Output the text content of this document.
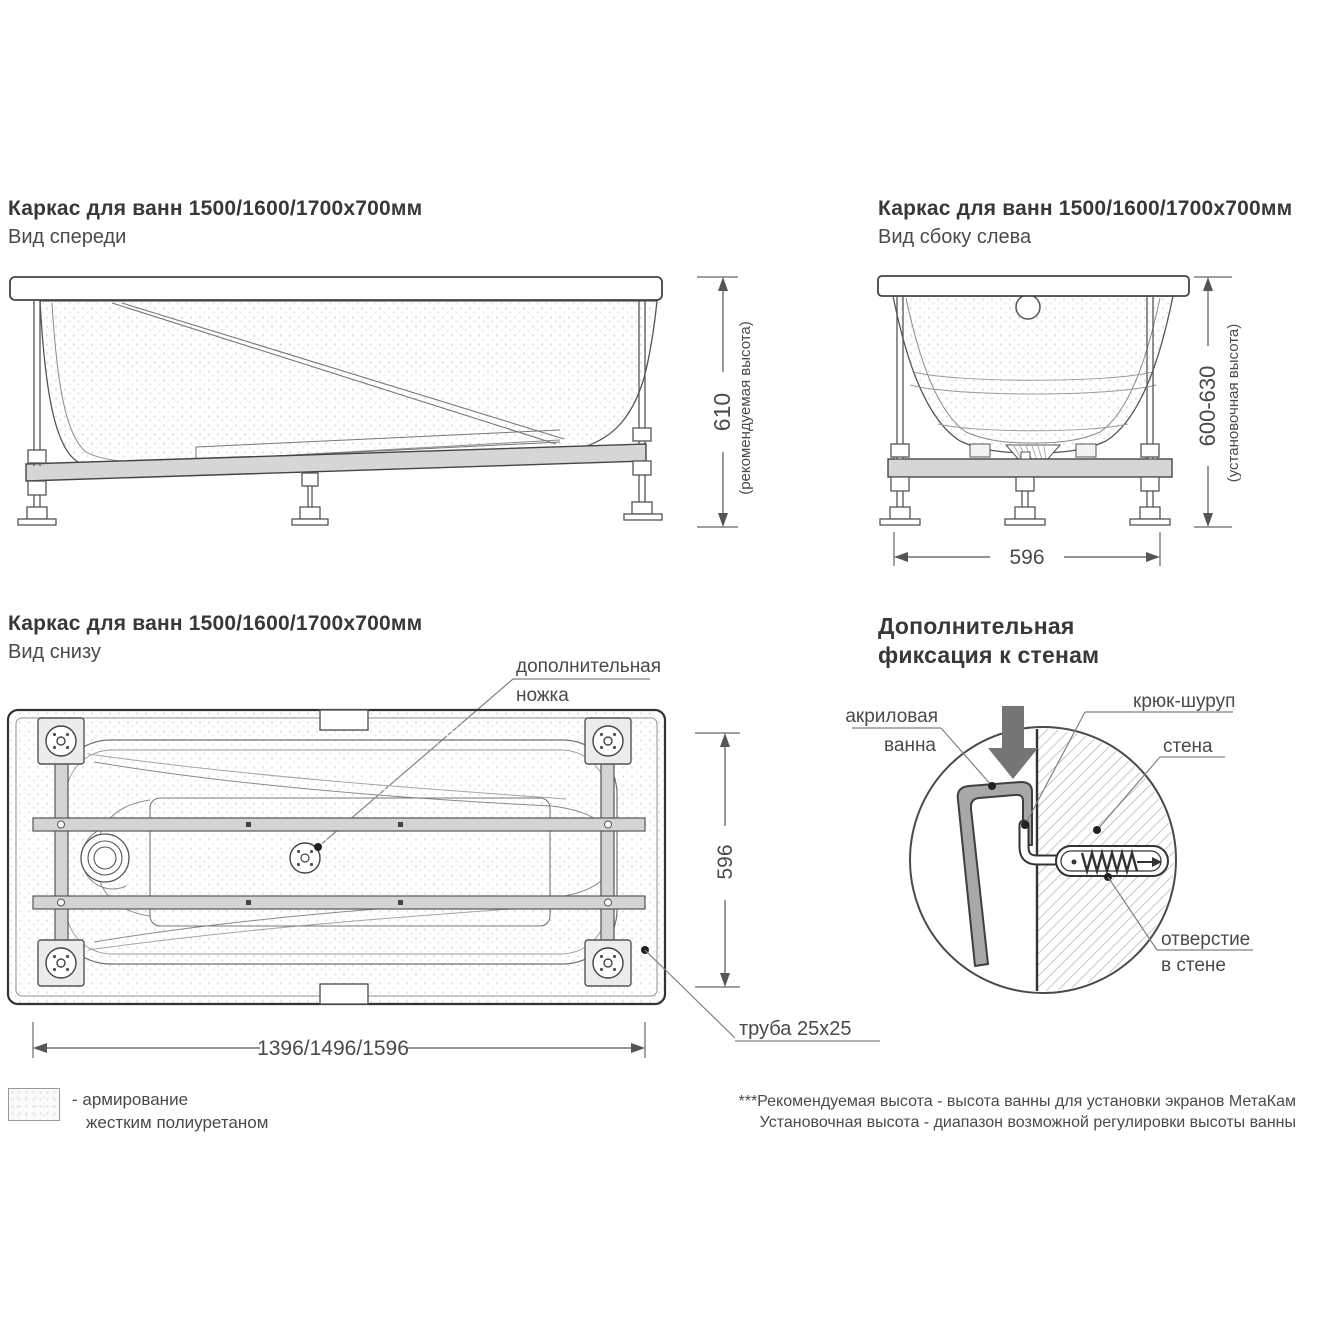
Каркас для ванн 1500/1600/1700x700мм
Вид спереди
Каркас для ванн 1500/1600/1700x700мм
Вид сбоку слева
Каркас для ванн 1500/1600/1700x700мм
Вид снизу
Дополнительная
фиксация к стенам
610 (рекомендуемая высота)	600-630 (установочная высота)
596
дополнительная
ножка
труба 25x25
596
1396/1496/1596
акриловая
ванна
крюк-шуруп
стена
отверстие
в стене
- армирование
жестким полиуретаном
***Рекомендуемая высота - высота ванны для установки экранов МетаКам
Установочная высота - диапазон возможной регулировки высоты ванны
